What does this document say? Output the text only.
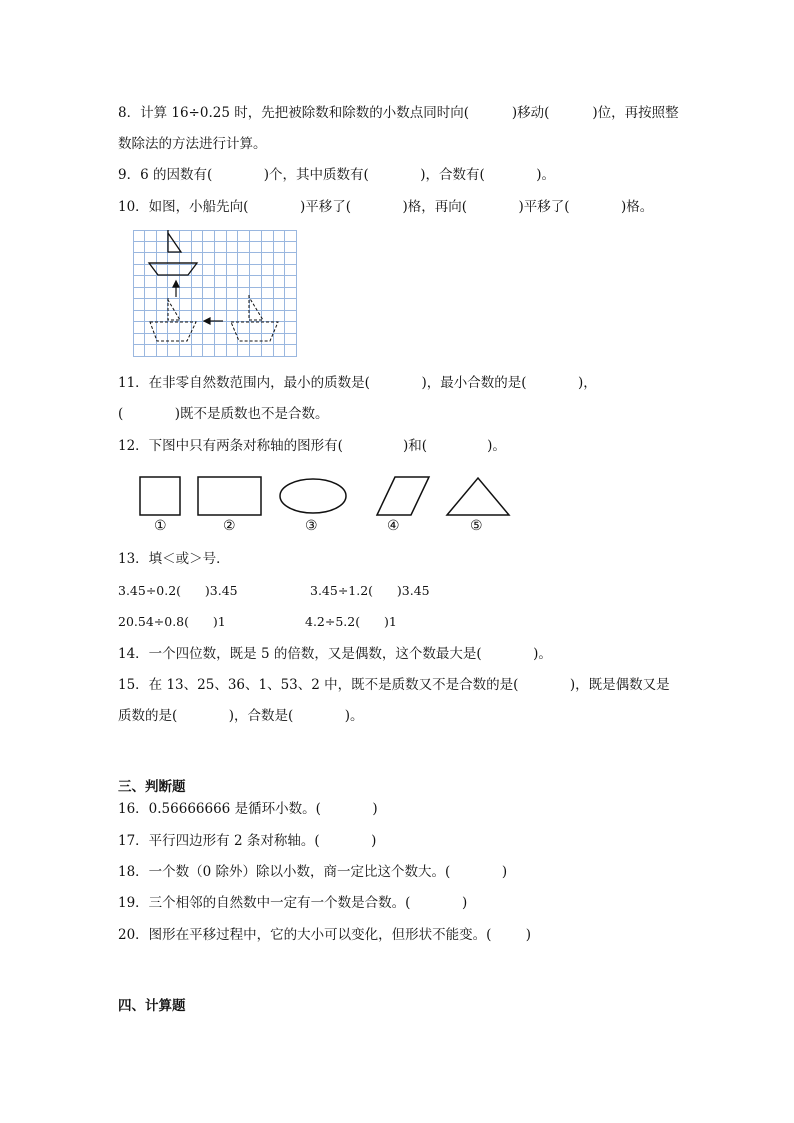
8．计算 16÷0.25 时，先把被除数和除数的小数点同时向(          )移动(          )位，再按照整
数除法的方法进行计算。
9．6 的因数有(            )个，其中质数有(            )，合数有(            )。
10．如图，小船先向(            )平移了(            )格，再向(            )平移了(            )格。
11．在非零自然数范围内，最小的质数是(            )，最小合数的是(            )，
(            )既不是质数也不是合数。
12．下图中只有两条对称轴的图形有(              )和(              )。
①	②	③	④	⑤
13．填＜或＞号．
3.45÷0.2(      )3.45	3.45÷1.2(      )3.45
20.54÷0.8(      )1	4.2÷5.2(      )1
14．一个四位数，既是 5 的倍数，又是偶数，这个数最大是(            )。
15．在 13、25、36、1、53、2 中，既不是质数又不是合数的是(            )，既是偶数又是
质数的是(            )，合数是(            )。
三、判断题
16．0.56666666 是循环小数。(            )
17．平行四边形有 2 条对称轴。(            )
18．一个数（0 除外）除以小数，商一定比这个数大。(            )
19．三个相邻的自然数中一定有一个数是合数。(            )
20．图形在平移过程中，它的大小可以变化，但形状不能变。(        )
四、计算题
